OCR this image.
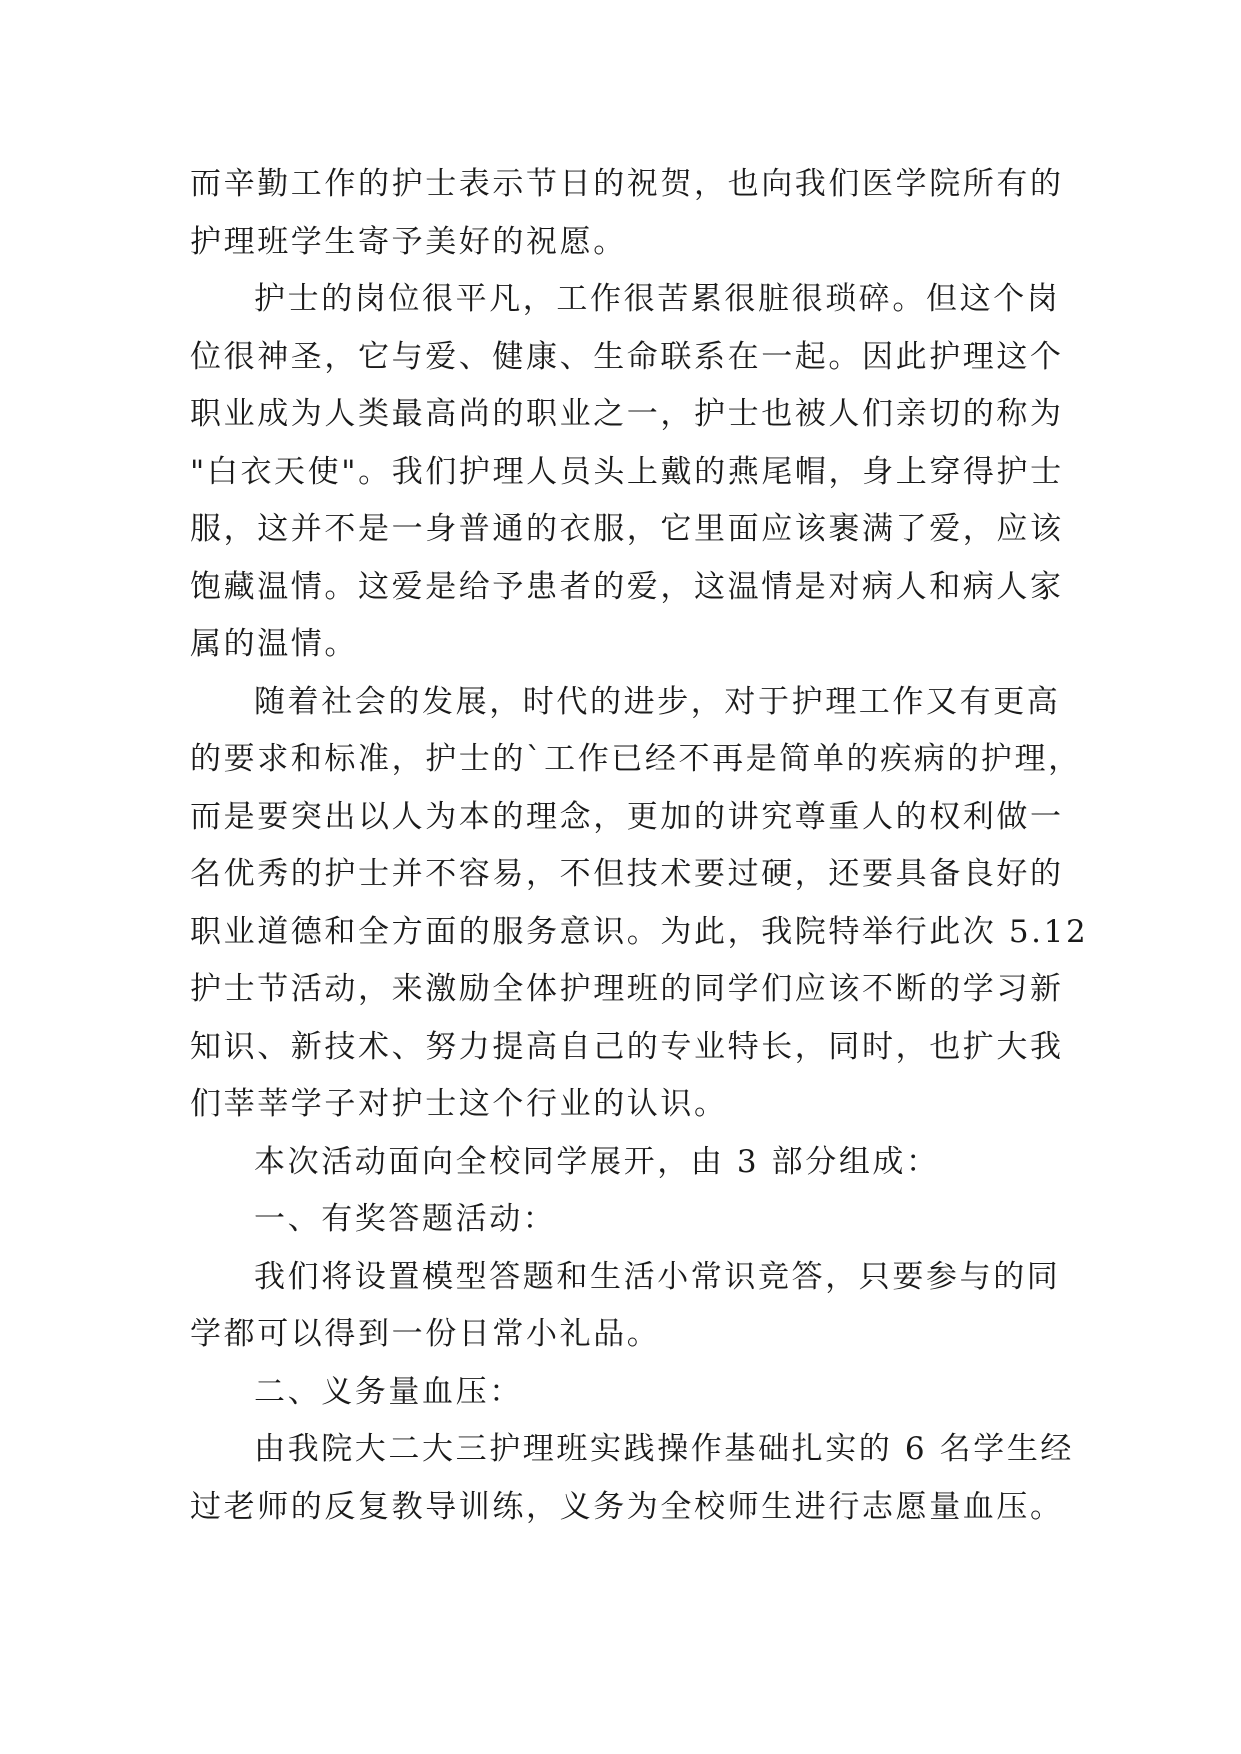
而辛勤工作的护士表示节日的祝贺，也向我们医学院所有的
护理班学生寄予美好的祝愿。
护士的岗位很平凡，工作很苦累很脏很琐碎。但这个岗
位很神圣，它与爱、健康、生命联系在一起。因此护理这个
职业成为人类最高尚的职业之一，护士也被人们亲切的称为
"白衣天使"。我们护理人员头上戴的燕尾帽，身上穿得护士
服，这并不是一身普通的衣服，它里面应该裹满了爱，应该
饱藏温情。这爱是给予患者的爱，这温情是对病人和病人家
属的温情。
随着社会的发展，时代的进步，对于护理工作又有更高
的要求和标准，护士的`工作已经不再是简单的疾病的护理，
而是要突出以人为本的理念，更加的讲究尊重人的权利做一
名优秀的护士并不容易，不但技术要过硬，还要具备良好的
职业道德和全方面的服务意识。为此，我院特举行此次 5.12
护士节活动，来激励全体护理班的同学们应该不断的学习新
知识、新技术、努力提高自己的专业特长，同时，也扩大我
们莘莘学子对护士这个行业的认识。
本次活动面向全校同学展开，由 3 部分组成：
一、有奖答题活动：
我们将设置模型答题和生活小常识竞答，只要参与的同
学都可以得到一份日常小礼品。
二、义务量血压：
由我院大二大三护理班实践操作基础扎实的 6 名学生经
过老师的反复教导训练，义务为全校师生进行志愿量血压。
